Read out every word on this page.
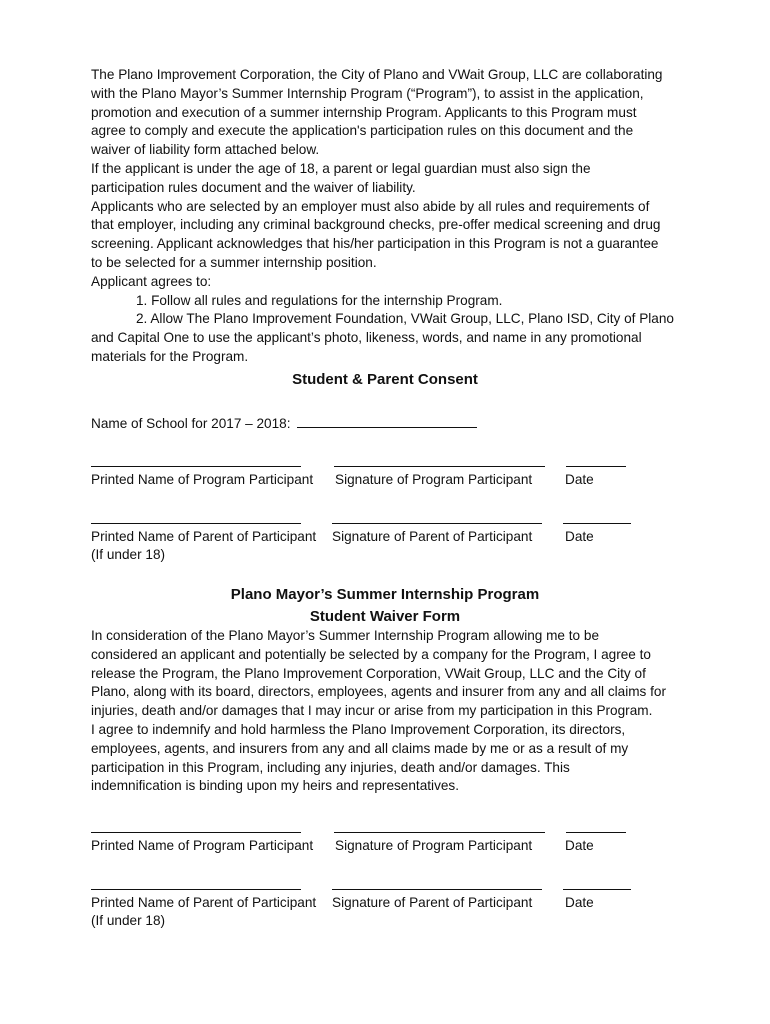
The Plano Improvement Corporation, the City of Plano and VWait Group, LLC are collaborating
with the Plano Mayor’s Summer Internship Program (“Program”), to assist in the application,
promotion and execution of a summer internship Program. Applicants to this Program must
agree to comply and execute the application's participation rules on this document and the
waiver of liability form attached below.
If the applicant is under the age of 18, a parent or legal guardian must also sign the
participation rules document and the waiver of liability.
Applicants who are selected by an employer must also abide by all rules and requirements of
that employer, including any criminal background checks, pre-offer medical screening and drug
screening. Applicant acknowledges that his/her participation in this Program is not a guarantee
to be selected for a summer internship position.
Applicant agrees to:
1. Follow all rules and regulations for the internship Program.
2. Allow The Plano Improvement Foundation, VWait Group, LLC, Plano ISD, City of Plano
and Capital One to use the applicant’s photo, likeness, words, and name in any promotional
materials for the Program.
Student & Parent Consent
Name of School for 2017 – 2018:
Printed Name of Program Participant Signature of Program Participant Date
Printed Name of Parent of Participant Signature of Parent of Participant Date
(If under 18)
Plano Mayor’s Summer Internship Program
Student Waiver Form
In consideration of the Plano Mayor’s Summer Internship Program allowing me to be
considered an applicant and potentially be selected by a company for the Program, I agree to
release the Program, the Plano Improvement Corporation, VWait Group, LLC and the City of
Plano, along with its board, directors, employees, agents and insurer from any and all claims for
injuries, death and/or damages that I may incur or arise from my participation in this Program.
I agree to indemnify and hold harmless the Plano Improvement Corporation, its directors,
employees, agents, and insurers from any and all claims made by me or as a result of my
participation in this Program, including any injuries, death and/or damages. This
indemnification is binding upon my heirs and representatives.
Printed Name of Program Participant Signature of Program Participant Date
Printed Name of Parent of Participant Signature of Parent of Participant Date
(If under 18)
